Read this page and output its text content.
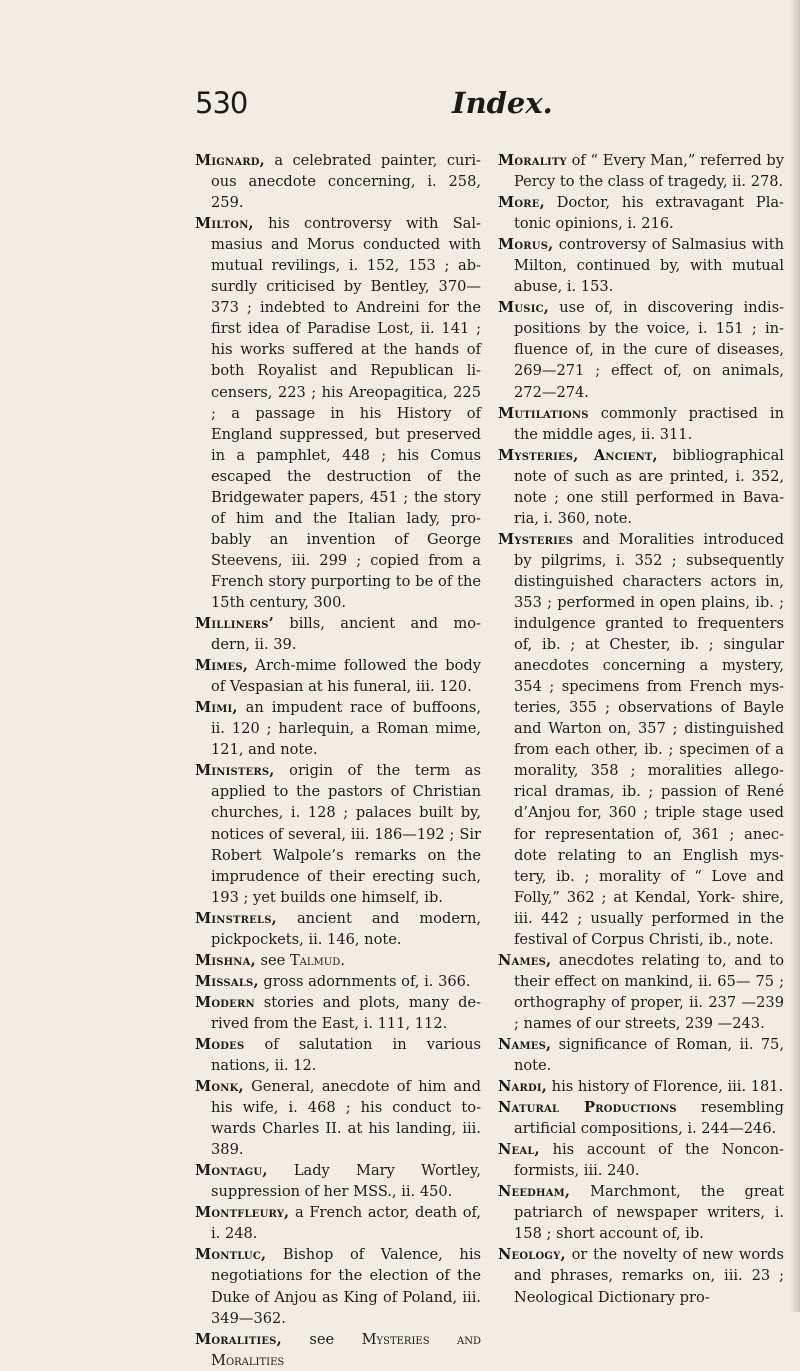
530	Index.

Mignard, a celebrated painter, curi- ous anecdote concerning, i. 258, 259.

Milton, his controversy with Sal- masius and Morus conducted with mutual revilings, i. 152, 153 ; ab- surdly criticised by Bentley, 370— 373 ; indebted to Andreini for the first idea of Paradise Lost, ii. 141 ; his works suffered at the hands of both Royalist and Republican li- censers, 223 ; his Areopagitica, 225 ; a passage in his History of England suppressed, but preserved in a pamphlet, 448 ; his Comus escaped the destruction of the Bridgewater papers, 451 ; the story of him and the Italian lady, pro- bably an invention of George Steevens, iii. 299 ; copied from a French story purporting to be of the 15th century, 300.

Milliners’ bills, ancient and mo- dern, ii. 39.

Mimes, Arch-mime followed the body of Vespasian at his funeral, iii. 120.

Mimi, an impudent race of buffoons, ii. 120 ; harlequin, a Roman mime, 121, and note.

Ministers, origin of the term as applied to the pastors of Christian churches, i. 128 ; palaces built by, notices of several, iii. 186—192 ; Sir Robert Walpole’s remarks on the imprudence of their erecting such, 193 ; yet builds one himself, ib.

Minstrels, ancient and modern, pickpockets, ii. 146, note.

Mishna, see Talmud.

Missals, gross adornments of, i. 366.

Modern stories and plots, many de- rived from the East, i. 111, 112.

Modes of salutation in various nations, ii. 12.

Monk, General, anecdote of him and his wife, i. 468 ; his conduct to- wards Charles II. at his landing, iii. 389.

Montagu, Lady Mary Wortley, suppression of her MSS., ii. 450.

Montfleury, a French actor, death of, i. 248.

Montluc, Bishop of Valence, his negotiations for the election of the Duke of Anjou as King of Poland, iii. 349—362.

Moralities, see Mysteries and Moralities

Morality of “ Every Man,” referred by Percy to the class of tragedy, ii. 278.

More, Doctor, his extravagant Pla- tonic opinions, i. 216.

Morus, controversy of Salmasius with Milton, continued by, with mutual abuse, i. 153.

Music, use of, in discovering indis- positions by the voice, i. 151 ; in- fluence of, in the cure of diseases, 269—271 ; effect of, on animals, 272—274.

Mutilations commonly practised in the middle ages, ii. 311.

Mysteries, Ancient, bibliographical note of such as are printed, i. 352, note ; one still performed in Bava- ria, i. 360, note.

Mysteries and Moralities introduced by pilgrims, i. 352 ; subsequently distinguished characters actors in, 353 ; performed in open plains, ib. ; indulgence granted to frequenters of, ib. ; at Chester, ib. ; singular anecdotes concerning a mystery, 354 ; specimens from French mys- teries, 355 ; observations of Bayle and Warton on, 357 ; distinguished from each other, ib. ; specimen of a morality, 358 ; moralities allego- rical dramas, ib. ; passion of René d’Anjou for, 360 ; triple stage used for representation of, 361 ; anec- dote relating to an English mys- tery, ib. ; morality of “ Love and Folly,” 362 ; at Kendal, York- shire, iii. 442 ; usually performed in the festival of Corpus Christi, ib., note.

Names, anecdotes relating to, and to their effect on mankind, ii. 65— 75 ; orthography of proper, ii. 237 —239 ; names of our streets, 239 —243.

Names, significance of Roman, ii. 75, note.

Nardi, his history of Florence, iii. 181.

Natural Productions resembling artificial compositions, i. 244—246.

Neal, his account of the Noncon- formists, iii. 240.

Needham, Marchmont, the great patriarch of newspaper writers, i. 158 ; short account of, ib.

Neology, or the novelty of new words and phrases, remarks on, iii. 23 ; Neological Dictionary pro-
